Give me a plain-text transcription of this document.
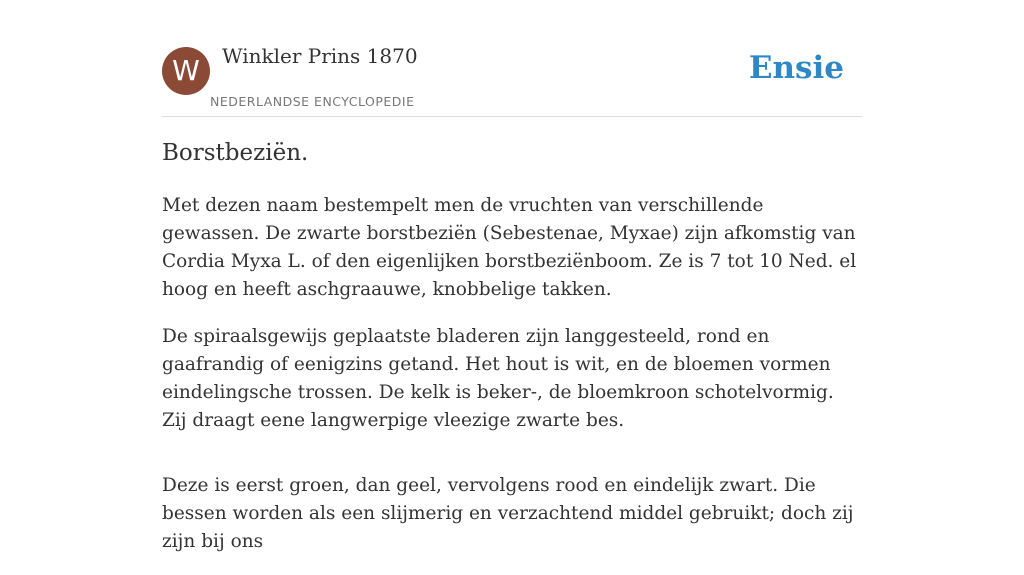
W	Winkler Prins 1870
NEDERLANDSE ENCYCLOPEDIE
Ensie
Borstbeziën.

Met dezen naam bestempelt men de vruchten van verschillende gewassen. De zwarte borstbeziën (Sebestenae, Myxae) zijn afkomstig van Cordia Myxa L. of den eigenlijken borstbeziënboom. Ze is 7 tot 10 Ned. el hoog en heeft aschgraauwe, knobbelige takken.

De spiraalsgewijs geplaatste bladeren zijn langgesteeld, rond en gaafrandig of eenigzins getand. Het hout is wit, en de bloemen vormen eindelingsche trossen. De kelk is beker-, de bloemkroon schotelvormig. Zij draagt eene langwerpige vleezige zwarte bes.

Deze is eerst groen, dan geel, vervolgens rood en eindelijk zwart. Die bessen worden als een slijmerig en verzachtend middel gebruikt; doch zij zijn bij ons
